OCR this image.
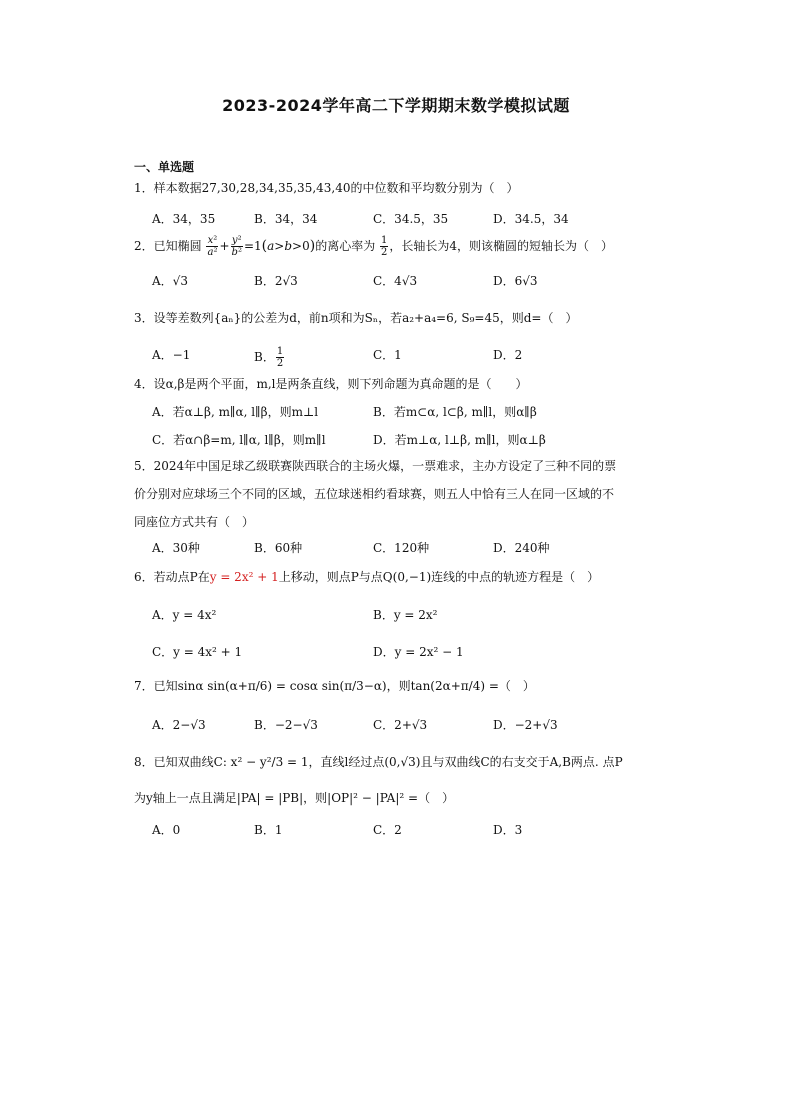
2023-2024学年高二下学期期末数学模拟试题
一、单选题
1．样本数据27,30,28,34,35,35,43,40的中位数和平均数分别为（　）
A．34，35	B．34，34	C．34.5，35	D．34.5，34
2．已知椭圆 $\frac{\text{x²}}{\text{a²}} + \frac{\text{y²}}{\text{b²}} =1(a>b>0)$的离心率为 $\frac{1}{2}$ ，长轴长为4，则该椭圆的短轴长为（　）
A．√3	B．2√3	C．4√3	D．6√3
3．设等差数列{aₙ}的公差为d，前n项和为Sₙ，若a₂+a₄=6, S₉=45，则d=（　）
A．−1	B． $\frac{1}{2}$	C．1	D．2
4．设α,β是两个平面，m,l是两条直线，则下列命题为真命题的是（　　）
A．若α⊥β, m∥α, l∥β，则m⊥l	B．若m⊂α, l⊂β, m∥l，则α∥β
C．若α∩β=m, l∥α, l∥β，则m∥l	D．若m⊥α, l⊥β, m∥l，则α⊥β
5．2024年中国足球乙级联赛陕西联合的主场火爆，一票难求，主办方设定了三种不同的票
价分别对应球场三个不同的区域，五位球迷相约看球赛，则五人中恰有三人在同一区域的不
同座位方式共有（　）
A．30种	B．60种	C．120种	D．240种
6．若动点P在y = 2x² + 1上移动，则点P与点Q(0,−1)连线的中点的轨迹方程是（　）
A．y = 4x²	B．y = 2x²
C．y = 4x² + 1	D．y = 2x² − 1
7．已知sinα sin(α+π/6) = cosα sin(π/3−α)，则tan(2α+π/4) =（　）
A．2−√3	B．−2−√3	C．2+√3	D．−2+√3
8．已知双曲线C: x² − y²/3 = 1，直线l经过点(0,√3)且与双曲线C的右支交于A,B两点. 点P
为y轴上一点且满足|PA| = |PB|，则|OP|² − |PA|² =（　）
A．0	B．1	C．2	D．3
